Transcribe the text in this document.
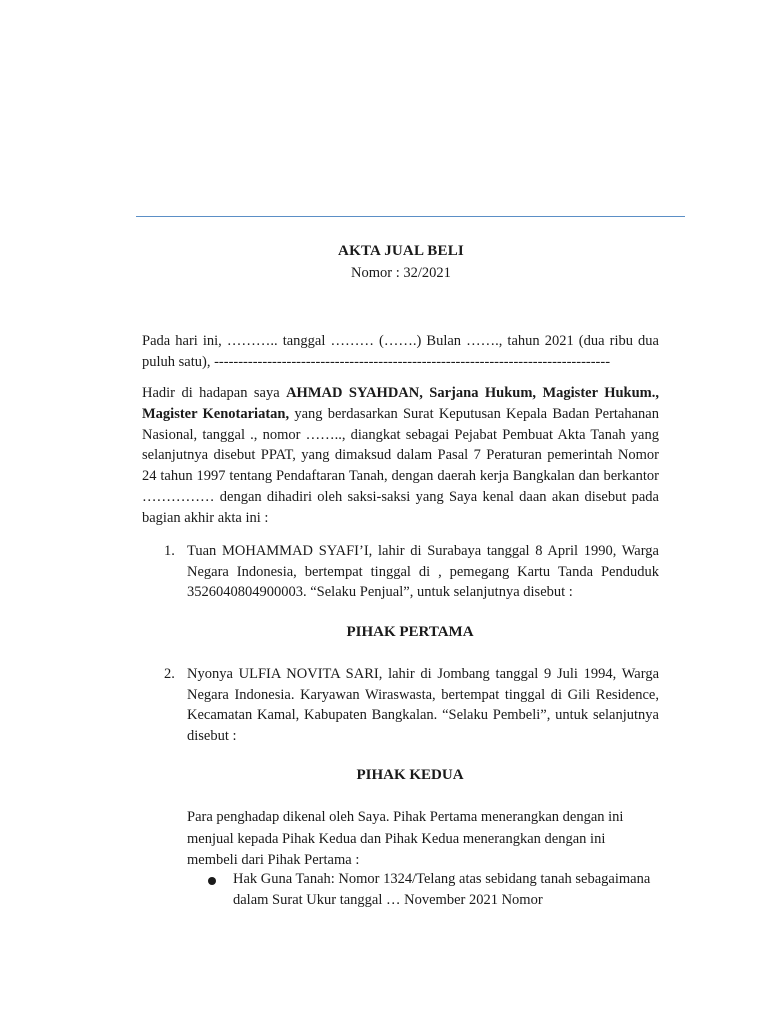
AKTA JUAL BELI
Nomor : 32/2021
Pada hari ini, ……….. tanggal ……… (…….) Bulan ……., tahun 2021 (dua ribu dua puluh satu), ----------------------------------------------------------------------------------
Hadir di hadapan saya AHMAD SYAHDAN, Sarjana Hukum, Magister Hukum., Magister Kenotariatan, yang berdasarkan Surat Keputusan Kepala Badan Pertahanan Nasional, tanggal ., nomor …….., diangkat sebagai Pejabat Pembuat Akta Tanah yang selanjutnya disebut PPAT, yang dimaksud dalam Pasal 7 Peraturan pemerintah Nomor 24 tahun 1997 tentang Pendaftaran Tanah, dengan daerah kerja Bangkalan dan berkantor …………… dengan dihadiri oleh saksi-saksi yang Saya kenal daan akan disebut pada bagian akhir akta ini :
1. Tuan MOHAMMAD SYAFI’I, lahir di Surabaya tanggal 8 April 1990, Warga Negara Indonesia, bertempat tinggal di , pemegang Kartu Tanda Penduduk 3526040804900003. “Selaku Penjual”, untuk selanjutnya disebut :
PIHAK PERTAMA
2. Nyonya ULFIA NOVITA SARI, lahir di Jombang tanggal 9 Juli 1994, Warga Negara Indonesia. Karyawan Wiraswasta, bertempat tinggal di Gili Residence, Kecamatan Kamal, Kabupaten Bangkalan. “Selaku Pembeli”, untuk selanjutnya disebut :
PIHAK KEDUA
Para penghadap dikenal oleh Saya. Pihak Pertama menerangkan dengan ini menjual kepada Pihak Kedua dan Pihak Kedua menerangkan dengan ini membeli dari Pihak Pertama :
Hak Guna Tanah: Nomor 1324/Telang atas sebidang tanah sebagaimana dalam Surat Ukur tanggal … November 2021 Nomor
